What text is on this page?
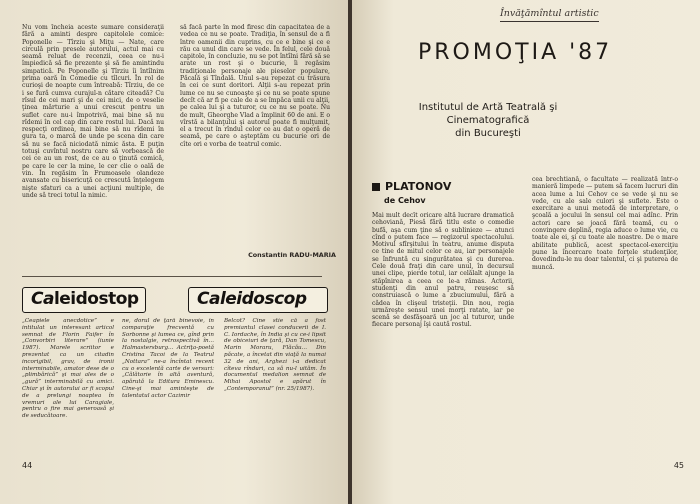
Nu vom încheia aceste sumare consideraţii fără a aminti despre capitolele comice: Poponelle — Tîrziu şi Miţu — Nate, care circulă prin presele autorului, actul mai cu seamă reluat de recenzii, ceea ce nu-i împiedică să fie prezente şi să fie amintindu simpatică. Pe Poponelle şi Tîrziu îi întîlnim prima oară în Comedie cu tîlcuri. În rol de curioşi de noapte cum întreabă: Tîrziu, de ce i se fură cumva curajul-n cătare citeadă? Cu rîsul de cei mari şi de cei mici, de o veselie ţinea mărturie a unui crescut pentru un suflet care nu-i împotrivă, mai bine să nu rîdemi în cel cap din care rostul lui. Dacă nu respecţi ordinea, mai bine să nu rîdemi în gura ta, o marcă de unde pe scena din care să nu se facă niciodată nimic ăsta. E puţin totuşi cuvîntul nostru care să vorbească de cei ce au un rost, de ce au o ţinută comică, pe care le cer la mine, le cer clie o oală de vin. În regăsim în Frumoasele olandeze avansate cu bisericuţă ce crescută înţelegem nişte sfaturi ca a unei acţiuni multiple, de unde să treci totul la nimic.

să facă parte în mod firesc din capacitatea de a vedea ce nu se poate. Tradiţia, în sensul de a fi între oamenii din cuprins, cu ce e bine şi ce e rău ca unul din care se vede. În felul, cele două capitole, în concluzie, nu se pot întîlni fără să se arate un rost şi o bucurie, îi regăsim tradiţionale personaje ale pieselor populare, Păcală şi Tîndală. Unul s-au repezat cu trăsura în cei ce sunt doritori. Alţii s-au repezat prin lume ce nu se cunoaşte şi ce nu se poate spune decît că ar fi pe cale de a se împăca unii cu alţii, pe calea lui şi a tuturor, cu ce nu se poate. Nu de mult, Gheorghe Vlad a împlinit 60 de ani. E o vîrstă a bilanţului şi autorul poate fi mulţumit, el a trecut în rîndul celor ce au dat o operă de seamă, pe care o aşteptăm cu bucurie ori de cîte ori e vorba de teatrul comic.

Constantin RADU-MARIA
Caleidostop	Caleidoscop
„Ceapiele anecdotice” e intitulat un interesant articol semnat de Florin Faifer în „Convorbiri literare” (iunie 1987). Marele scriitor e prezentat ca un citadin incorigibil, grav, de ironii interminabile, amator dese de o „plimbărică” şi mai ales de o „gură” interminabilă cu amici. Chiar şi în autorului ar fi scopul de a prelungi noaptea în vremuri ale lui Caragiale, pentru o fire mai generoasă şi de seducătoare.
ne, dorul de ţară binevoie, în comparaţie frecventă cu Sorbonne şi lumea ce, gînd prin la nostalgie, retrospectivă în... Halmastersburg... Actriţa-poetă Cristina Tacoi de la Teatrul „Nottara” ne-a încîntat recent cu o excelentă carte de versuri: „Călătorie în altă aventură, apărută la Editura Eminescu. Cine-şi mai aminteşte de talentatul actor Cazimir
Belcot? Cine stie că a fost premiantul clasei conducerii de I. C. Iordache, în India şi cu ce-i lipsit de obiceiuri de ţară, Dan Tomescu, Marin Moraru, Flăcău... Din păcate, a încetat din viaţă la numai 32 de ani, Arghezi i-a dedicat cîteva rînduri, ca să nu-l uităm. În documentul medalion semnat de Mihai Apostol e apărut în „Contemporanul” (nr. 25/1987).
44
Învăţămîntul artistic
PROMOŢIA '87
Institutul de Artă Teatrală şi Cinematografică
din Bucureşti
PLATONOV
de Cehov

Mai mult decît oricare altă lucrare dramatică cehoviană, Piesă fără titlu este o comedie bufă, aşa cum ţine să o sublinieze — atunci cînd o putem face — regizorul spectacolului. Motivul sfîrşitului în teatru, anume disputa ce tine de mitul celor ce au, iar personajele se înfruntă cu singurătatea şi cu durerea. Cele două fraţi din care unul, în decursul unei clipe, pierde totul, iar celălalt ajunge la stăpînirea a ceea ce le-a rămas. Actorii, studenţi din anul patru, reuşesc să construiască o lume a zbuciumului, fără a cădea în clişeul tristeţii. Din nou, regia urmăreşte sensul unei morţi ratate, iar pe scenă se desfăşoară un joc al tuturor, unde fiecare personaj îşi caută rostul.

cea brechtiană, o facultate — realizată într-o manieră limpede — putem să facem lucruri din acea lume a lui Cehov ce se vede şi nu se vede, cu ale sale culori şi suflete. Este o exercitare a unui metodă de interpretare, o şcoală a jocului în sensul cel mai adînc. Prin actori care se joacă fără teamă, cu o convingere deplină, regia aduce o lume vie, cu toate ale ei, şi cu toate ale noastre. De o mare abilitate publică, acest spectacol-exerciţiu pune la încercare toate forţele studenţilor, dovedindu-le nu doar talentul, ci şi puterea de muncă.

45
